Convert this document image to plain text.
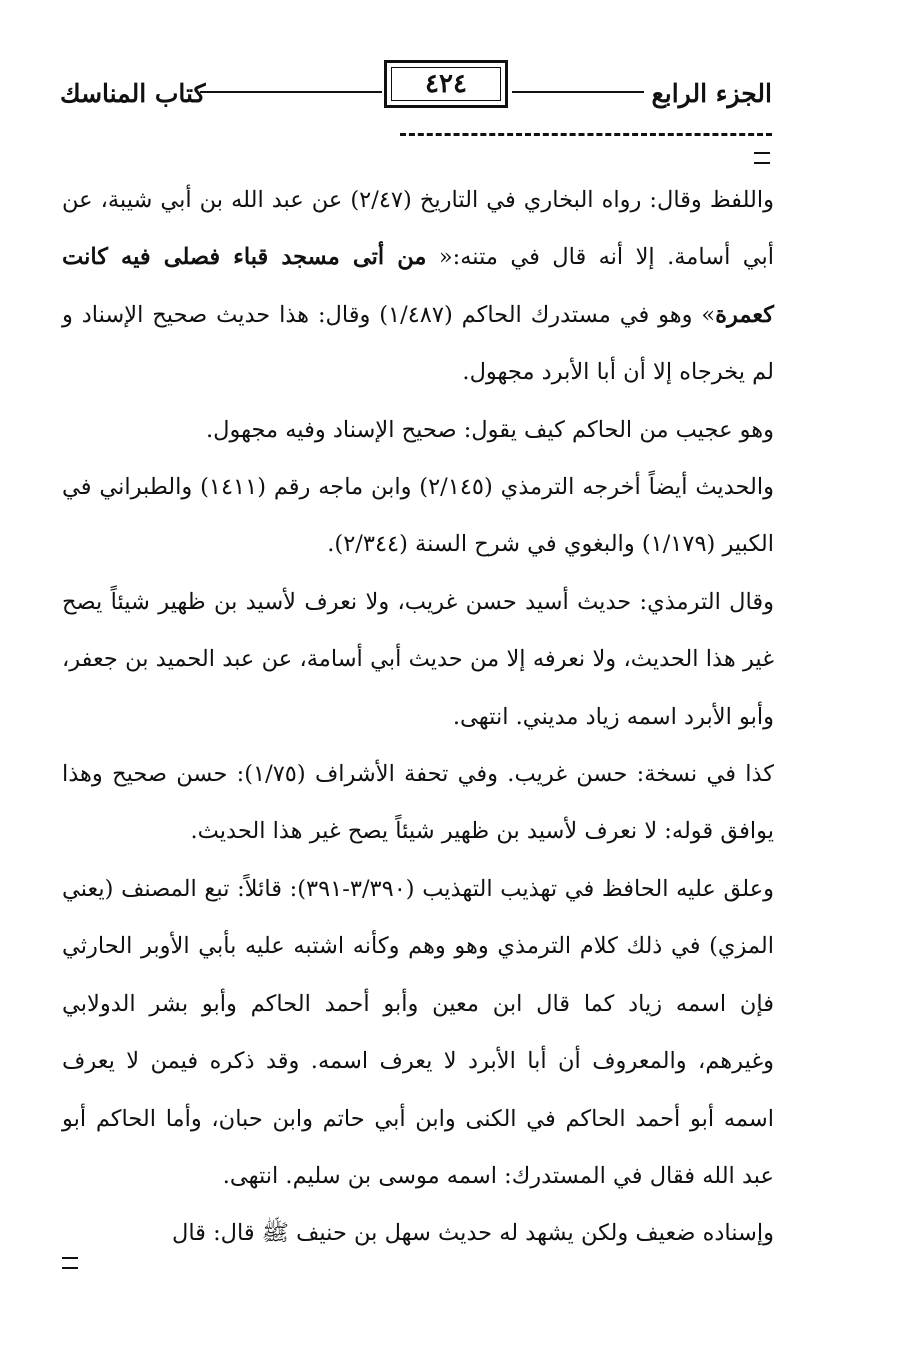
الجزء الرابع
٤٢٤
كتاب المناسك

واللفظ وقال: رواه البخاري في التاريخ (٢/٤٧) عن عبد الله بن أبي شيبة، عن أبي أسامة. إلا أنه قال في متنه:« من أتى مسجد قباء فصلى فيه كانت كعمرة» وهو في مستدرك الحاكم (١/٤٨٧) وقال: هذا حديث صحيح الإسناد و لم يخرجاه إلا أن أبا الأبرد مجهول.

وهو عجيب من الحاكم كيف يقول: صحيح الإسناد وفيه مجهول.

والحديث أيضاً أخرجه الترمذي (٢/١٤٥) وابن ماجه رقم (١٤١١) والطبراني في الكبير (١/١٧٩) والبغوي في شرح السنة (٢/٣٤٤).

وقال الترمذي: حديث أسيد حسن غريب، ولا نعرف لأسيد بن ظهير شيئاً يصح غير هذا الحديث، ولا نعرفه إلا من حديث أبي أسامة، عن عبد الحميد بن جعفر، وأبو الأبرد اسمه زياد مديني. انتهى.

كذا في نسخة: حسن غريب. وفي تحفة الأشراف (١/٧٥): حسن صحيح وهذا يوافق قوله: لا نعرف لأسيد بن ظهير شيئاً يصح غير هذا الحديث.

وعلق عليه الحافظ في تهذيب التهذيب (٣/٣٩٠-٣٩١): قائلاً: تبع المصنف (يعني المزي) في ذلك كلام الترمذي وهو وهم وكأنه اشتبه عليه بأبي الأوبر الحارثي فإن اسمه زياد كما قال ابن معين وأبو أحمد الحاكم وأبو بشر الدولابي وغيرهم، والمعروف أن أبا الأبرد لا يعرف اسمه. وقد ذكره فيمن لا يعرف اسمه أبو أحمد الحاكم في الكنى وابن أبي حاتم وابن حبان، وأما الحاكم أبو عبد الله فقال في المستدرك: اسمه موسى بن سليم. انتهى.

وإسناده ضعيف ولكن يشهد له حديث سهل بن حنيف ﷺ قال: قال
